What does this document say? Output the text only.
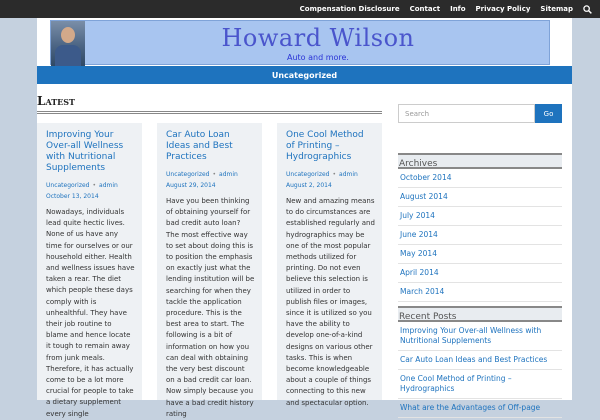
Compensation Disclosure Contact Info Privacy Policy Sitemap
Howard Wilson
Auto and more.
Uncategorized
Latest
Improving Your Over-all Wellness with Nutritional Supplements
Uncategorized • admin
October 13, 2014

Nowadays, individuals lead quite hectic lives. None of us have any time for ourselves or our household either. Health and wellness issues have taken a rear. The diet which people these days comply with is unhealthful. They have their job routine to blame and hence locate it tough to remain away from junk meals. Therefore, it has actually come to be a lot more crucial for people to take a dietary supplement every single

Car Auto Loan Ideas and Best Practices
Uncategorized • admin
August 29, 2014

Have you been thinking of obtaining yourself for bad credit auto loan? The most effective way to set about doing this is to position the emphasis on exactly just what the lending institution will be searching for when they tackle the application procedure. This is the best area to start. The following is a bit of information on how you can deal with obtaining the very best discount on a bad credit car loan. Now simply because you have a bad credit history rating

One Cool Method of Printing – Hydrographics
Uncategorized • admin
August 2, 2014

New and amazing means to do circumstances are established regularly and hydrographics may be one of the most popular methods utilized for printing. Do not even believe this selection is utilized in order to publish files or images, since it is utilized so you have the ability to develop one-of-a-kind designs on various other tasks. This is when become knowledgeable about a couple of things connecting to this new and spectacular option.

Search	Go
Archives
October 2014
August 2014
July 2014
June 2014
May 2014
April 2014
March 2014
Recent Posts
Improving Your Over-all Wellness with Nutritional Supplements
Car Auto Loan Ideas and Best Practices
One Cool Method of Printing – Hydrographics
What are the Advantages of Off-page
